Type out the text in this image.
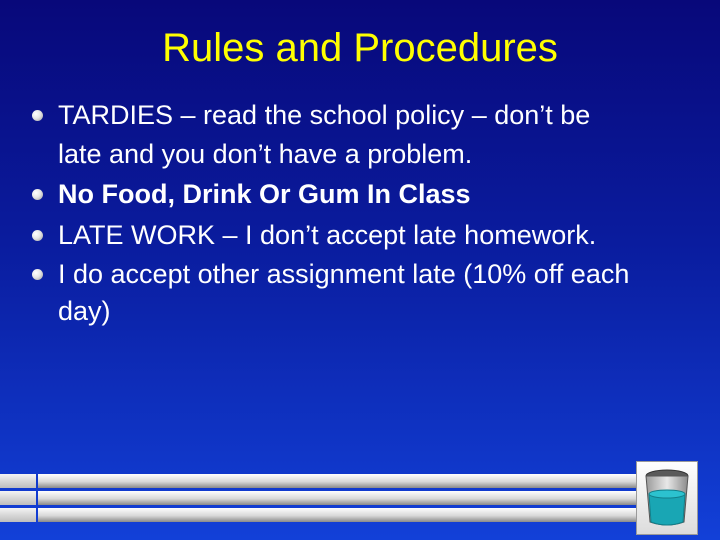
Rules and Procedures
TARDIES – read the school policy – don’t be
late and you don’t have a problem.
No Food, Drink Or Gum In Class
LATE WORK – I don’t accept late homework.
I do accept other assignment late (10% off each
day)
